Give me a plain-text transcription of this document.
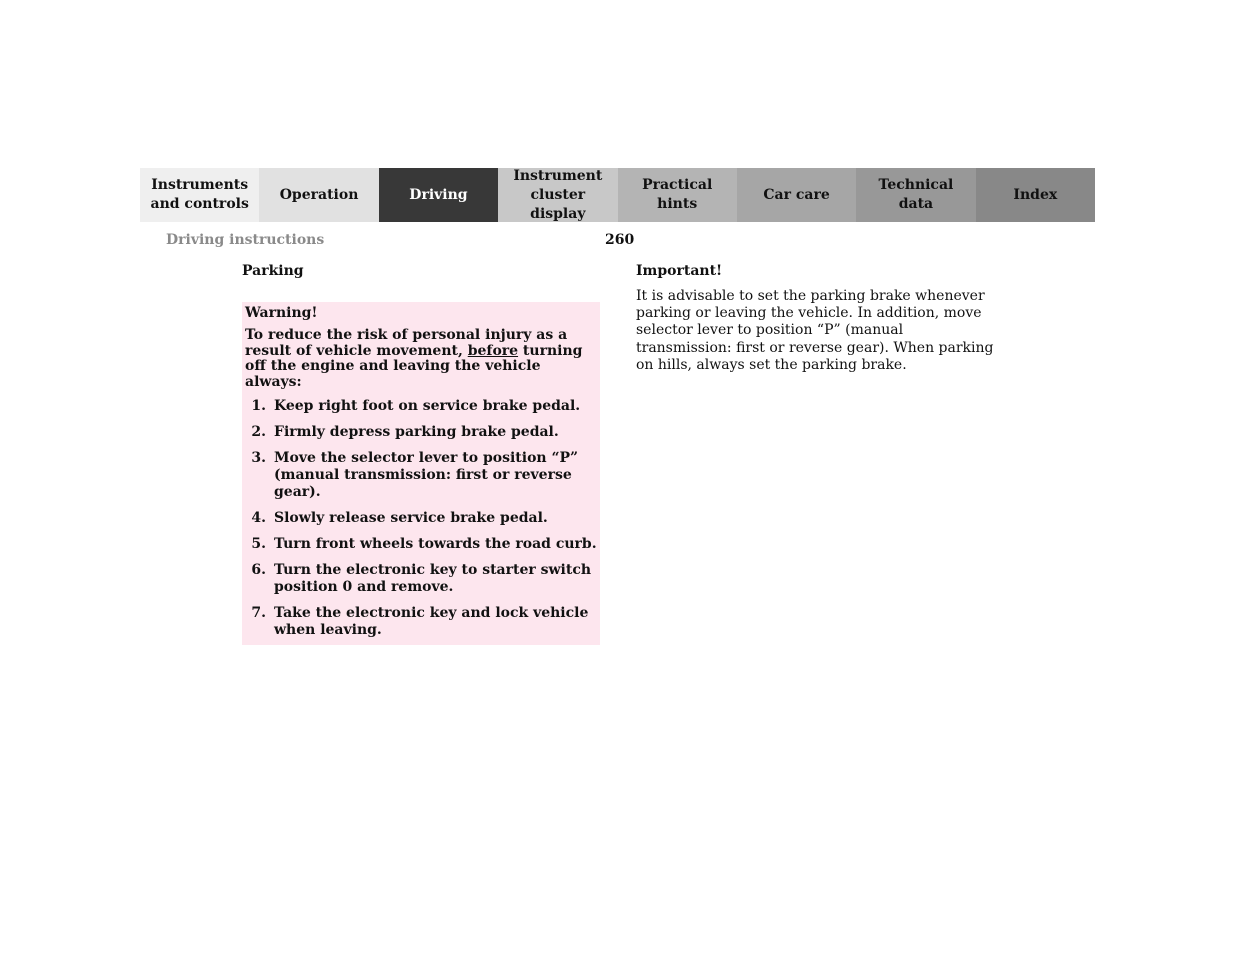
Instruments
and controls
Operation	Driving
Instrument
cluster display
Practical hints
Car care
Technical
data
Index
Driving instructions	260
Parking
Warning!
To reduce the risk of personal injury as a result of vehicle movement, before turning off the engine and leaving the vehicle always:
1. Keep right foot on service brake pedal.
2. Firmly depress parking brake pedal.
3. Move the selector lever to position “P” (manual transmission: first or reverse gear).
4. Slowly release service brake pedal.
5. Turn front wheels towards the road curb.
6. Turn the electronic key to starter switch position 0 and remove.
7. Take the electronic key and lock vehicle when leaving.
Important!
It is advisable to set the parking brake whenever parking or leaving the vehicle. In addition, move selector lever to position “P” (manual transmission: first or reverse gear). When parking on hills, always set the parking brake.
